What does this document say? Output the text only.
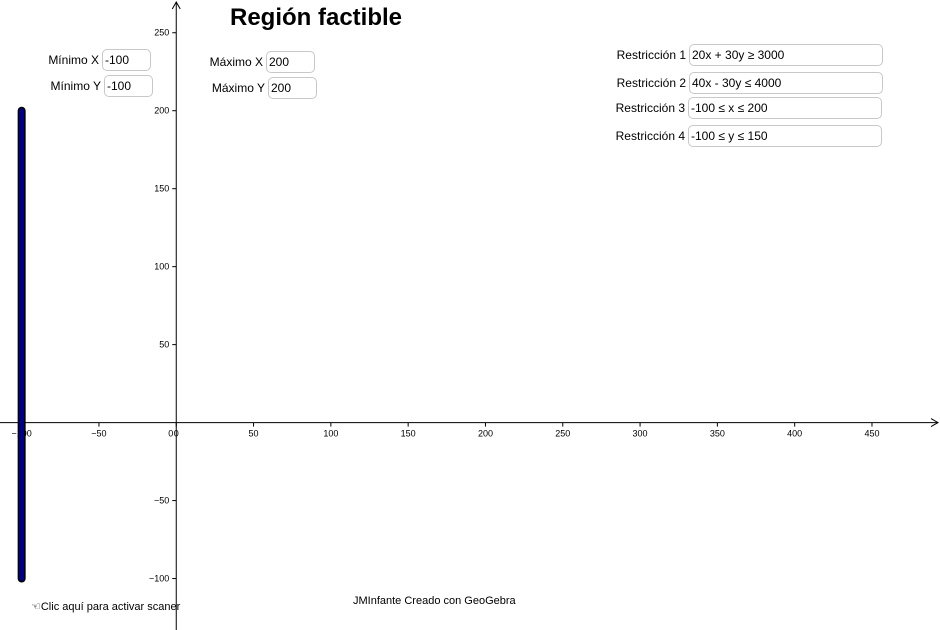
−100	−50	0	50	100	150	200	250	300	350	400	450
0
−100
−50
50
100
150
200
250
Región factible
Mínimo X
-100
Mínimo Y
-100
Máximo X
200
Máximo Y
200
Restricción 1
20x + 30y ≥ 3000
Restricción 2
40x - 30y ≤ 4000
Restricción 3
-100 ≤ x ≤ 200
Restricción 4
-100 ≤ y ≤ 150
☜Clic aquí para activar scaner	JMInfante Creado con GeoGebra
